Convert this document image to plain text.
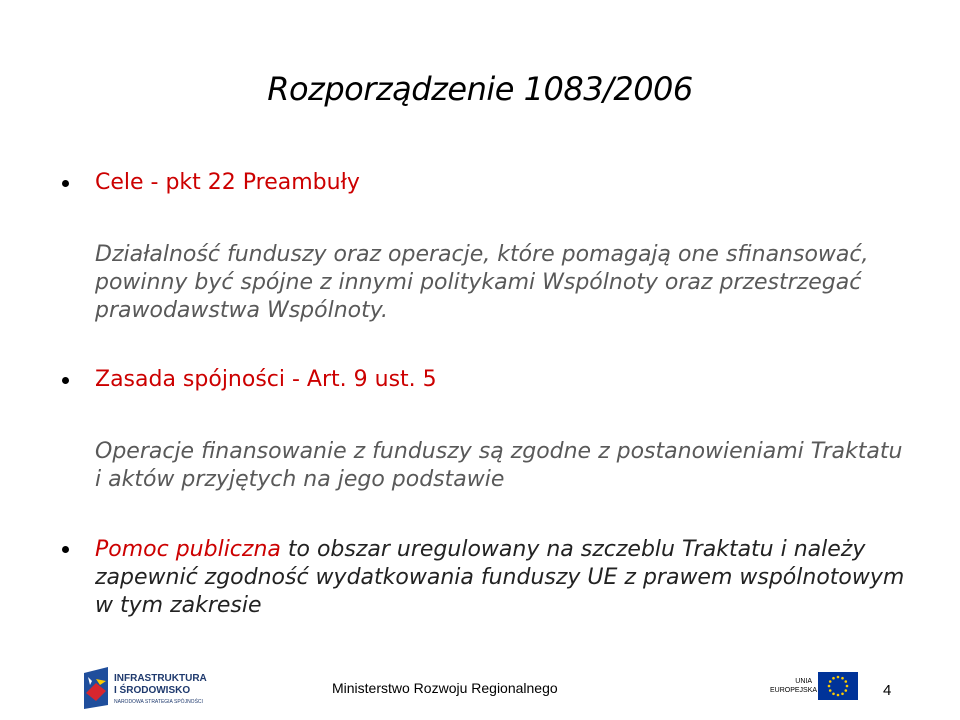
Rozporządzenie 1083/2006
Cele - pkt 22 Preambuły

Działalność funduszy oraz operacje, które pomagają one sfinansować, powinny być spójne z innymi politykami Wspólnoty oraz przestrzegać prawodawstwa Wspólnoty.

Zasada spójności - Art. 9 ust. 5

Operacje finansowanie z funduszy są zgodne z postanowieniami Traktatu i aktów przyjętych na jego podstawie

Pomoc publiczna to obszar uregulowany na szczeblu Traktatu i należy zapewnić zgodność wydatkowania funduszy UE z prawem wspólnotowym w tym zakresie

INFRASTRUKTURA
I ŚRODOWISKO
NARODOWA STRATEGIA SPÓJNOŚCI
Ministerstwo Rozwoju Regionalnego	UNIA
EUROPEJSKA	4
